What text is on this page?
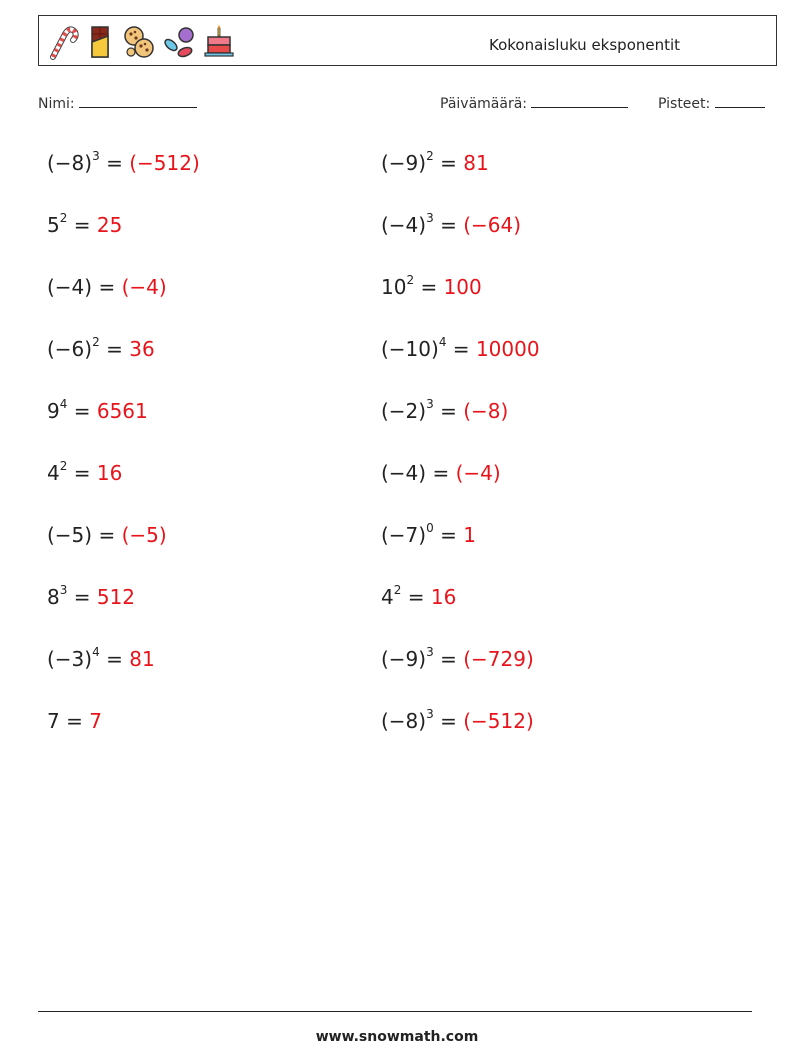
Kokonaisluku eksponentit
Nimi:	Päivämäärä:	Pisteet:
$(-8)^3 = (-512)$	$(-9)^2 = 81$
$5^2 = 25$	$(-4)^3 = (-64)$
(−4) = (−4)	$10^2 = 100$
$(-6)^2 = 36$	$(-10)^4 = 10000$
$9^4 = 6561$	$(-2)^3 = (-8)$
$4^2 = 16$	(−4) = (−4)
(−5) = (−5)	$(-7)^0 = 1$
$8^3 = 512$	$4^2 = 16$
$(-3)^4 = 81$	$(-9)^3 = (-729)$
7 = 7	$(-8)^3 = (-512)$
www.snowmath.com
